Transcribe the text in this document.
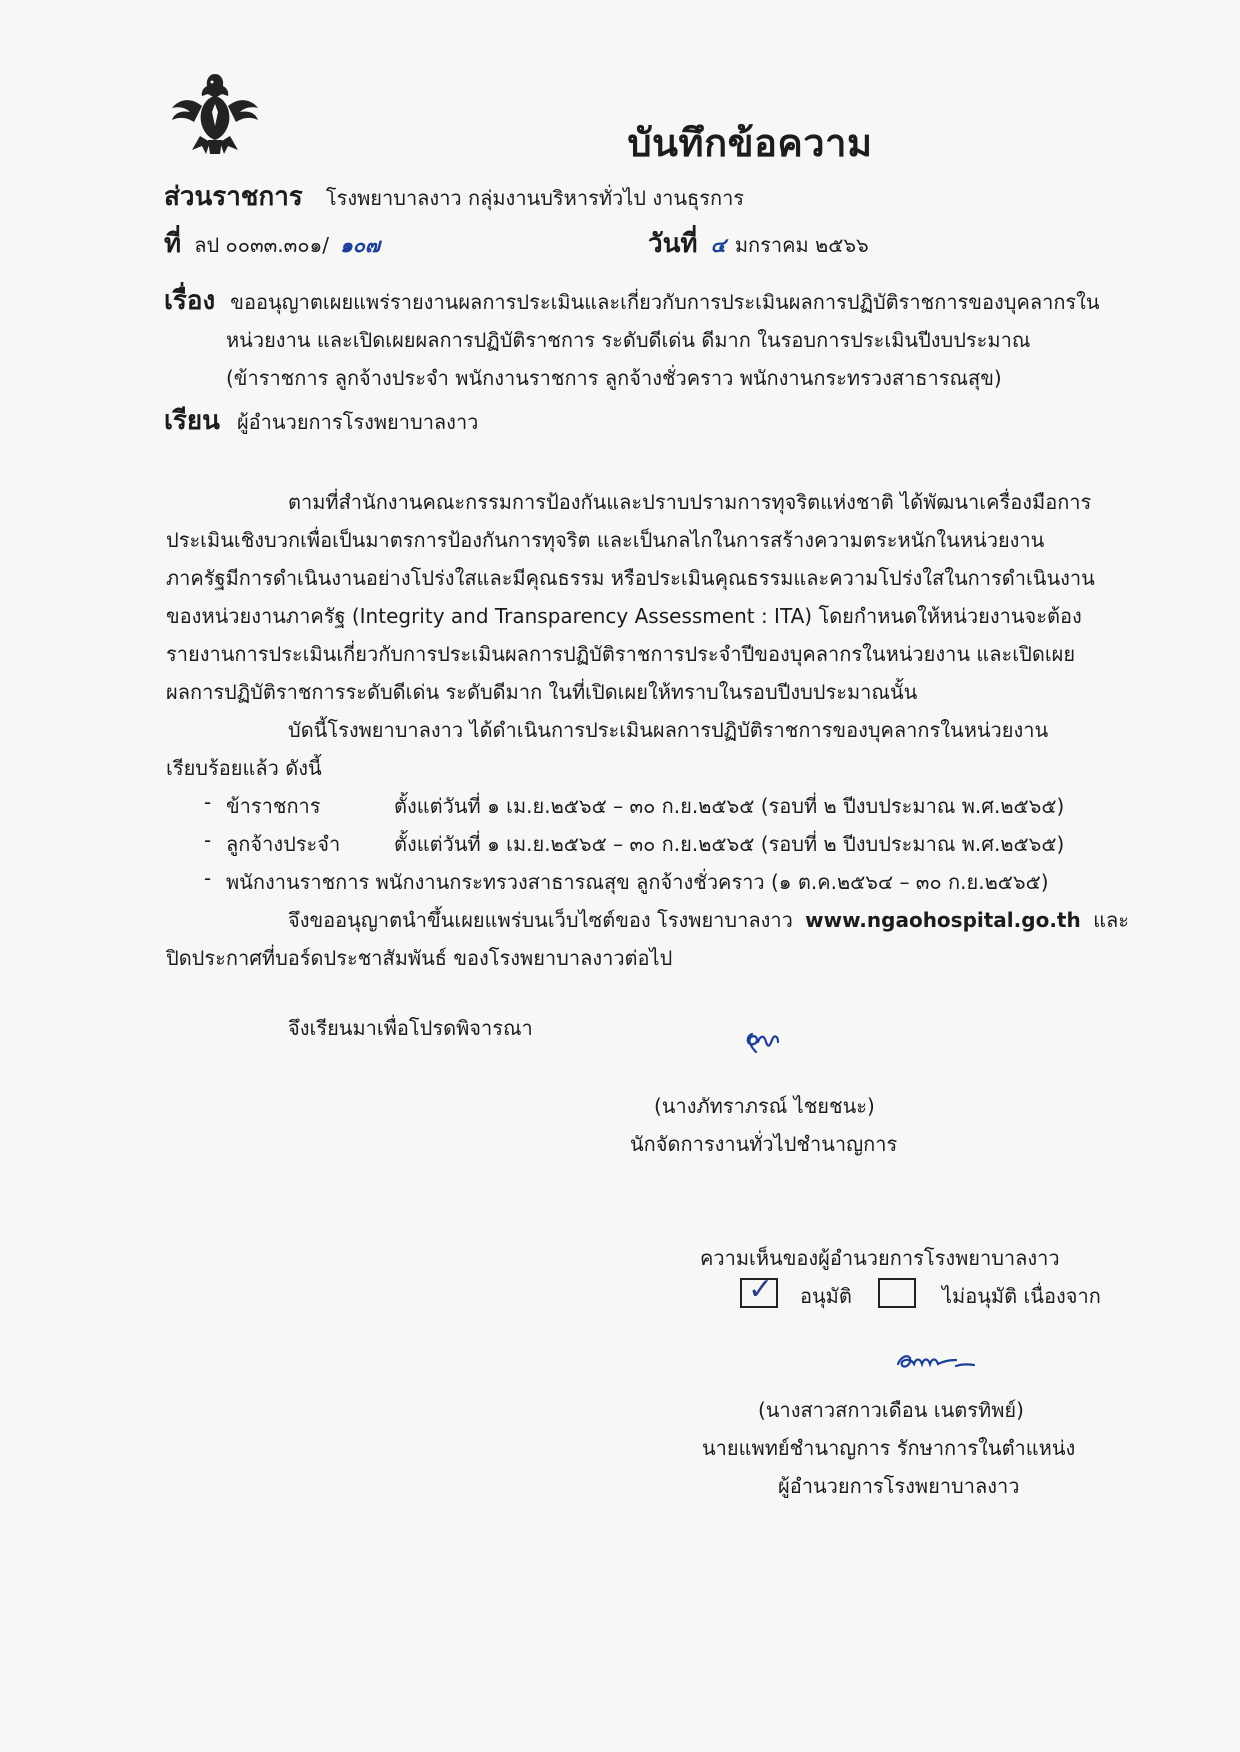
บันทึกข้อความ
ส่วนราชการ โรงพยาบาลงาว กลุ่มงานบริหารทั่วไป งานธุรการ
ที่ ลป ๐๐๓๓.๓๐๑/ ๑๐๗	วันที่ ๔ มกราคม ๒๕๖๖
เรื่อง ขออนุญาตเผยแพร่รายงานผลการประเมินและเกี่ยวกับการประเมินผลการปฏิบัติราชการของบุคลากรใน
หน่วยงาน และเปิดเผยผลการปฏิบัติราชการ ระดับดีเด่น ดีมาก ในรอบการประเมินปีงบประมาณ
(ข้าราชการ ลูกจ้างประจำ พนักงานราชการ ลูกจ้างชั่วคราว พนักงานกระทรวงสาธารณสุข)
เรียน ผู้อำนวยการโรงพยาบาลงาว
ตามที่สำนักงานคณะกรรมการป้องกันและปราบปรามการทุจริตแห่งชาติ ได้พัฒนาเครื่องมือการ
ประเมินเชิงบวกเพื่อเป็นมาตรการป้องกันการทุจริต และเป็นกลไกในการสร้างความตระหนักในหน่วยงาน
ภาครัฐมีการดำเนินงานอย่างโปร่งใสและมีคุณธรรม หรือประเมินคุณธรรมและความโปร่งใสในการดำเนินงาน
ของหน่วยงานภาครัฐ (Integrity and Transparency Assessment : ITA) โดยกำหนดให้หน่วยงานจะต้อง
รายงานการประเมินเกี่ยวกับการประเมินผลการปฏิบัติราชการประจำปีของบุคลากรในหน่วยงาน และเปิดเผย
ผลการปฏิบัติราชการระดับดีเด่น ระดับดีมาก ในที่เปิดเผยให้ทราบในรอบปีงบประมาณนั้น
บัดนี้โรงพยาบาลงาว ได้ดำเนินการประเมินผลการปฏิบัติราชการของบุคลากรในหน่วยงาน
เรียบร้อยแล้ว ดังนี้
- ข้าราชการ	ตั้งแต่วันที่ ๑ เม.ย.๒๕๖๕ – ๓๐ ก.ย.๒๕๖๕ (รอบที่ ๒ ปีงบประมาณ พ.ศ.๒๕๖๕)
- ลูกจ้างประจำ	ตั้งแต่วันที่ ๑ เม.ย.๒๕๖๕ – ๓๐ ก.ย.๒๕๖๕ (รอบที่ ๒ ปีงบประมาณ พ.ศ.๒๕๖๕)
- พนักงานราชการ พนักงานกระทรวงสาธารณสุข ลูกจ้างชั่วคราว (๑ ต.ค.๒๕๖๔ – ๓๐ ก.ย.๒๕๖๕)
จึงขออนุญาตนำขึ้นเผยแพร่บนเว็บไซต์ของ โรงพยาบาลงาว www.ngaohospital.go.th และ
ปิดประกาศที่บอร์ดประชาสัมพันธ์ ของโรงพยาบาลงาวต่อไป
จึงเรียนมาเพื่อโปรดพิจารณา
(นางภัทราภรณ์ ไชยชนะ)
นักจัดการงานทั่วไปชำนาญการ
ความเห็นของผู้อำนวยการโรงพยาบาลงาว
✓ อนุมัติ	ไม่อนุมัติ เนื่องจาก
(นางสาวสกาวเดือน เนตรทิพย์)
นายแพทย์ชำนาญการ รักษาการในตำแหน่ง
ผู้อำนวยการโรงพยาบาลงาว
